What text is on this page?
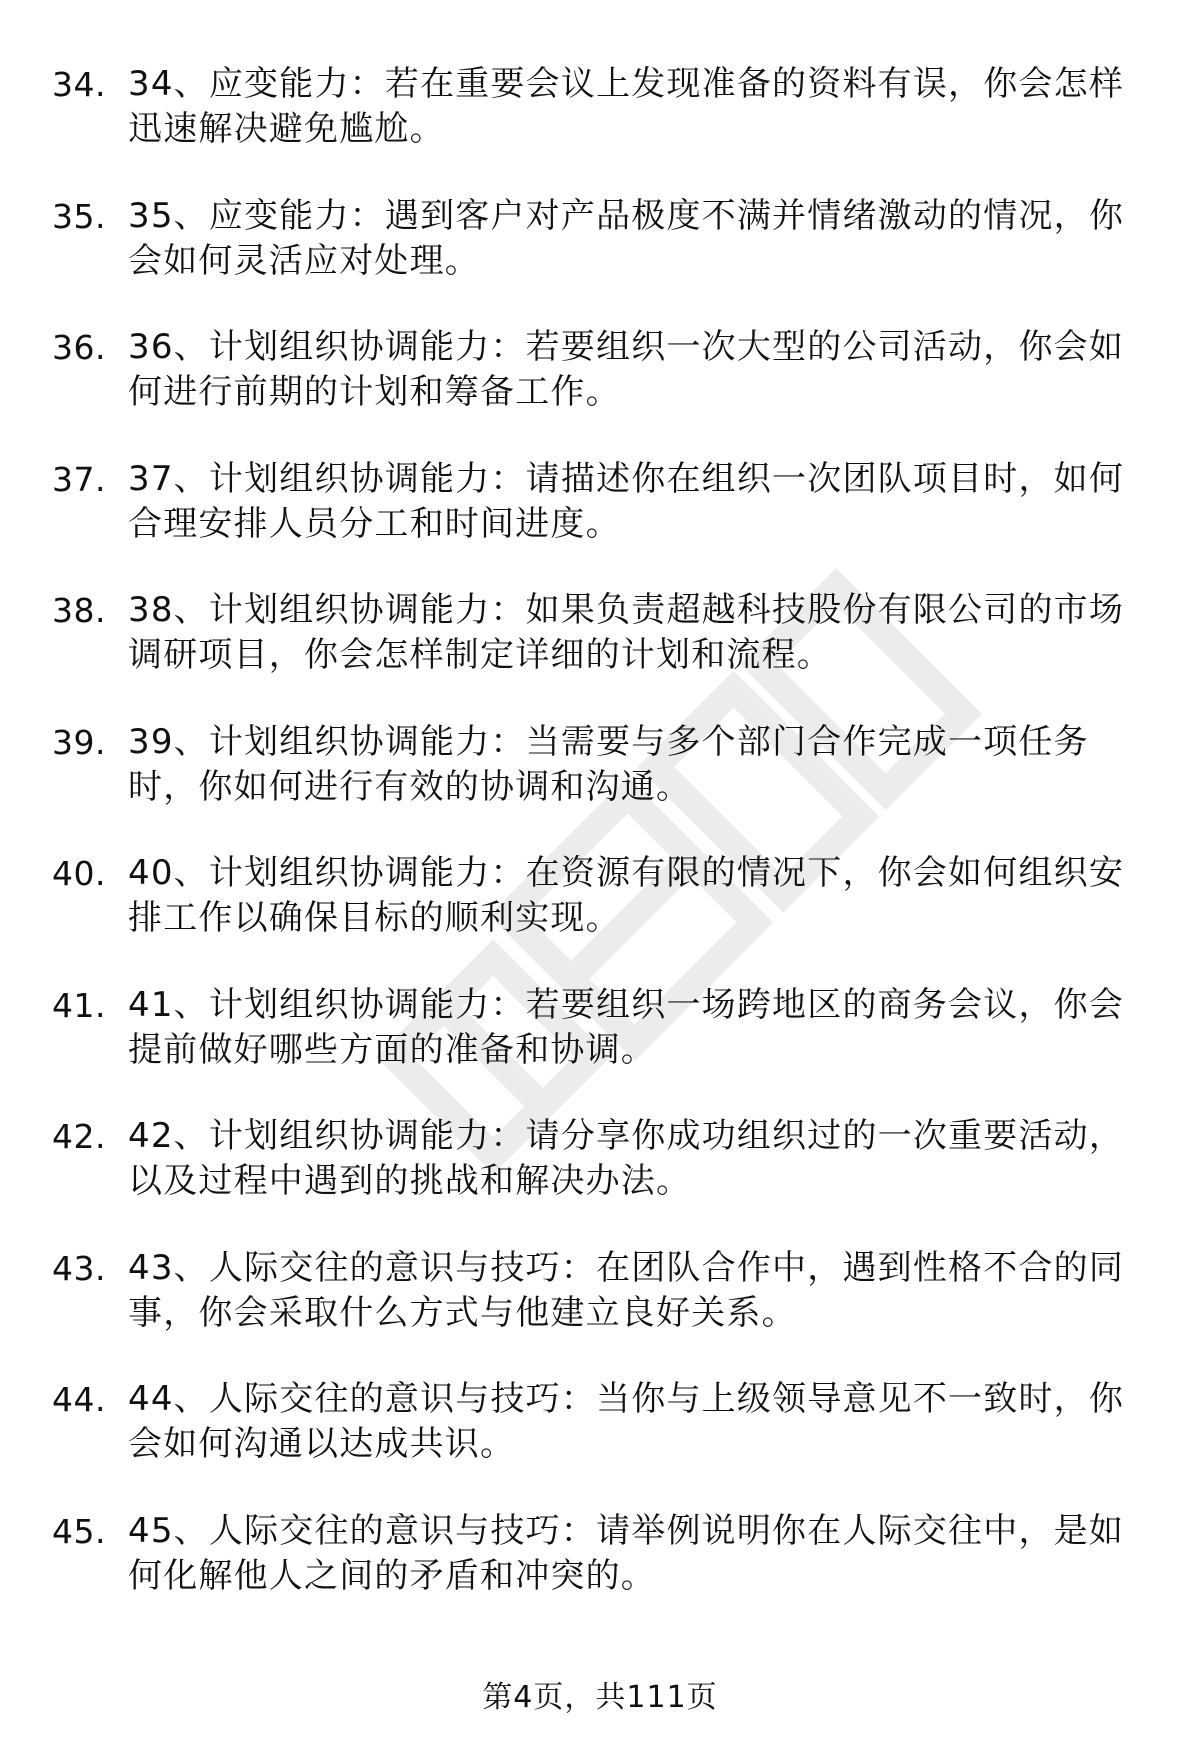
34. 34、应变能力：若在重要会议上发现准备的资料有误，你会怎样迅速解决避免尴尬。
35. 35、应变能力：遇到客户对产品极度不满并情绪激动的情况，你会如何灵活应对处理。
36. 36、计划组织协调能力：若要组织一次大型的公司活动，你会如何进行前期的计划和筹备工作。
37. 37、计划组织协调能力：请描述你在组织一次团队项目时，如何合理安排人员分工和时间进度。
38. 38、计划组织协调能力：如果负责超越科技股份有限公司的市场调研项目，你会怎样制定详细的计划和流程。
39. 39、计划组织协调能力：当需要与多个部门合作完成一项任务时，你如何进行有效的协调和沟通。
40. 40、计划组织协调能力：在资源有限的情况下，你会如何组织安排工作以确保目标的顺利实现。
41. 41、计划组织协调能力：若要组织一场跨地区的商务会议，你会提前做好哪些方面的准备和协调。
42. 42、计划组织协调能力：请分享你成功组织过的一次重要活动，以及过程中遇到的挑战和解决办法。
43. 43、人际交往的意识与技巧：在团队合作中，遇到性格不合的同事，你会采取什么方式与他建立良好关系。
44. 44、人际交往的意识与技巧：当你与上级领导意见不一致时，你会如何沟通以达成共识。
45. 45、人际交往的意识与技巧：请举例说明你在人际交往中，是如何化解他人之间的矛盾和冲突的。
第4页，共111页
